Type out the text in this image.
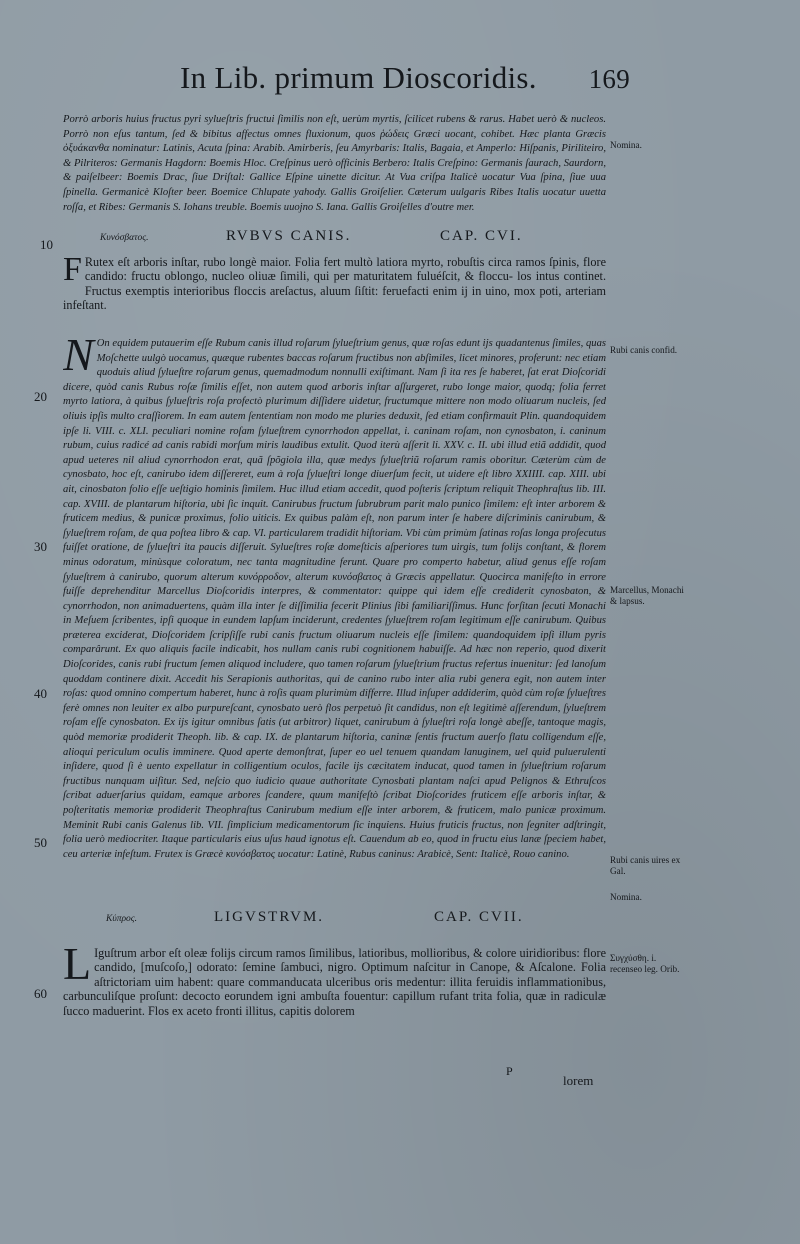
In Lib. primum Dioscoridis. 169
Porrò arboris huius fructus pyri sylueſtris fructui ſimilis non eſt, uerùm myrtis, ſcilicet rubens & rarus. Habet uerò & nucleos. Porrò non eſus tantum, ſed & bibitus affectus omnes fluxionum, quos ῥώδεις Græci uocant, cohibet. Hæc planta Græcis ὀξυάκανθα nominatur: Latinis, Acuta ſpina: Arabib. Amirberis, ſeu Amyrbaris: Italis, Bagaia, et Amperlo: Hiſpanis, Piriliteiro, & Pilriteros: Germanis Hagdorn: Boemis Hloc. Creſpinus uerò officinis Berbero: Italis Creſpino: Germanis ſaurach, Saurdorn, & paiſelbeer: Boemis Drac, ſiue Driſtal: Gallice Eſpine uinette dicitur. At Vua criſpa Italicè uocatur Vua ſpina, ſiue uua ſpinella. Germanicè Kloſter beer. Boemice Chlupate yahody. Gallis Groiſelier. Cæterum uulgaris Ribes Italis uocatur uuetta roſſa, et Ribes: Germanis S. Iohans treuble. Boemis uuojno S. Iana. Gallis Groiſelles d'outre mer.
Κυνόσβατος.	RVBVS CANIS.	CAP. CVI.
F Rutex eſt arboris inſtar, rubo longè maior. Folia fert multò latiora myrto, robuſtis circa ramos ſpinis, flore candido: fructu oblongo, nucleo oliuæ ſimili, qui per maturitatem fuluéſcit, & floccu- los intus continet. Fructus exemptis interioribus floccis areſactus, aluum ſiſtit: feruefacti enim ij in uino, mox poti, arteriam infeſtant.
N On equidem putauerim eſſe Rubum canis illud roſarum ſylueſtrium genus, quæ roſas edunt ijs quadantenus ſimiles, quas Moſchette uulgò uocamus, quæque rubentes baccas roſarum fructibus non abſimiles, licet minores, proferunt: nec etiam quoduis aliud ſylueſtre roſarum genus, quemadmodum nonnulli exiſtimant. Nam ſi ita res ſe haberet, ſat erat Dioſcoridi dicere, quòd canis Rubus roſæ ſimilis eſſet, non autem quod arboris inſtar aſſurgeret, rubo longe maior, quodq; folia ferret myrto latiora, à quibus ſylueſtris roſa profectò plurimum diſſidere uidetur, fructumque mittere non modo oliuarum nucleis, ſed oliuis ipſis multo craſſiorem. In eam autem ſententiam non modo me pluries deduxit, ſed etiam confirmauit Plin. quandoquidem ipſe li. VIII. c. XLI. peculiari nomine roſam ſylueſtrem cynorrhodon appellat, i. caninam roſam, non cynosbaton, i. caninum rubum, cuius radicé ad canis rabidi morſum miris laudibus extulit. Quod iterù aſſerit li. XXV. c. II. ubi illud etiã addidit, quod apud ueteres nil aliud cynorrhodon erat, quã ſpõgiola illa, quæ medys ſylueſtriũ roſarum ramis oboritur. Cæterùm cùm de cynosbato, hoc eſt, canirubo idem diſſereret, eum à roſa ſylueſtri longe diuerſum fecit, ut uidere eſt libro XXIIII. cap. XIII. ubi ait, cinosbaton folio eſſe ueſtigio hominis ſimilem. Huc illud etiam accedit, quod poſteris ſcriptum reliquit Theophraſtus lib. III. cap. XVIII. de plantarum hiſtoria, ubi ſic inquit. Canirubus fructum ſubrubrum parit malo punico ſimilem: eſt inter arborem & fruticem medius, & punicæ proximus, folio uiticis. Ex quibus palàm eſt, non parum inter ſe habere diſcriminis canirubum, & ſylueſtrem roſam, de qua poſtea libro & cap. VI. particularem tradidit hiſtoriam. Vbi cùm primùm ſatinas roſas longa proſecutus fuiſſet oratione, de ſylueſtri ita paucis diſſeruit. Sylueſtres roſæ domeſticis aſperiores tum uirgis, tum folijs conſtant, & florem minus odoratum, minùsque coloratum, nec tanta magnitudine ferunt. Quare pro comperto habetur, aliud genus eſſe roſam ſylueſtrem à canirubo, quorum alterum κυνόρροδον, alterum κυνόσβατος à Græcis appellatur. Quocirca manifeſto in errore fuiſſe deprehenditur Marcellus Dioſcoridis interpres, & commentator: quippe qui idem eſſe crediderit cynosbaton, & cynorrhodon, non animaduertens, quàm illa inter ſe diſſimilia fecerit Plinius ſibi familiariſſimus. Hunc forſitan ſecuti Monachi in Meſuem ſcribentes, ipſi quoque in eundem lapſum inciderunt, credentes ſylueſtrem roſam legitimum eſſe canirubum. Quibus præterea exciderat, Dioſcoridem ſcripſiſſe rubi canis fructum oliuarum nucleis eſſe ſimilem: quandoquidem ipſi illum pyris comparârunt. Ex quo aliquis facile indicabit, hos nullam canis rubi cognitionem habuiſſe. Ad hæc non reperio, quod dixerit Dioſcorides, canis rubi fructum ſemen aliquod includere, quo tamen roſarum ſylueſtrium fructus refertus inuenitur: ſed lanoſum quoddam continere dixit. Accedit his Serapionis authoritas, qui de canino rubo inter alia rubi genera egit, non autem inter roſas: quod omnino compertum haberet, hunc à roſis quam plurimùm differre. Illud inſuper addiderim, quòd cùm roſæ ſylueſtres ferè omnes non leuiter ex albo purpureſcant, cynosbato uerò flos perpetuò ſit candidus, non eſt legitimè aſſerendum, ſylueſtrem roſam eſſe cynosbaton. Ex ijs igitur omnibus ſatis (ut arbitror) liquet, canirubum à ſylueſtri roſa longè abeſſe, tantoque magis, quòd memoriæ prodiderit Theoph. lib. & cap. IX. de plantarum hiſtoria, caninæ ſentis fructum auerſo flatu colligendum eſſe, alioqui periculum oculis imminere. Quod aperte demonſtrat, ſuper eo uel tenuem quandam lanuginem, uel quid puluerulenti inſidere, quod ſi è uento expellatur in colligentium oculos, facile ijs cæcitatem inducat, quod tamen in ſylueſtrium roſarum fructibus nunquam uiſitur. Sed, neſcio quo iudicio quaue authoritate Cynosbati plantam naſci apud Pelignos & Ethruſcos ſcribat aduerſarius quidam, eamque arbores ſcandere, quum manifeſtò ſcribat Dioſcorides fruticem eſſe arboris inſtar, & poſteritatis memoriæ prodiderit Theophraſtus Canirubum medium eſſe inter arborem, & fruticem, malo punicæ proximum. Meminit Rubi canis Galenus lib. VII. ſimplicium medicamentorum ſic inquiens. Huius fruticis fructus, non ſegniter adſtringit, folia uerò mediocriter. Itaque particularis eius uſus haud ignotus eſt. Cauendum ab eo, quod in fructu eius lanæ ſpeciem habet, ceu arteriæ infeſtum. Frutex is Græcè κυνόσβατος uocatur: Latinè, Rubus caninus: Arabicè, Sent: Italicè, Rouo canino.
Κύπρος.	LIGVSTRVM.	CAP. CVII.
L Iguſtrum arbor eſt oleæ folijs circum ramos ſimilibus, latioribus, mollioribus, & colore uiridioribus: flore candido, [muſcoſo,] odorato: ſemine ſambuci, nigro. Optimum naſcitur in Canope, & Aſcalone. Folia aſtrictoriam uim habent: quare commanducata ulceribus oris medentur: illita feruidis inflammationibus, carbunculiſque proſunt: decocto eorundem igni ambuſta fouentur: capillum rufant trita folia, quæ in radiculæ ſucco maduerint. Flos ex aceto fronti illitus, capitis dolorem
10
20
30
40
50
60
Nomina.
Rubi canis confid.
Marcellus, Monachi & lapsus.
Rubi canis uires ex Gal.
Nomina.
Συγχύσθη. i. recenseo leg. Orib.
P
lorem
